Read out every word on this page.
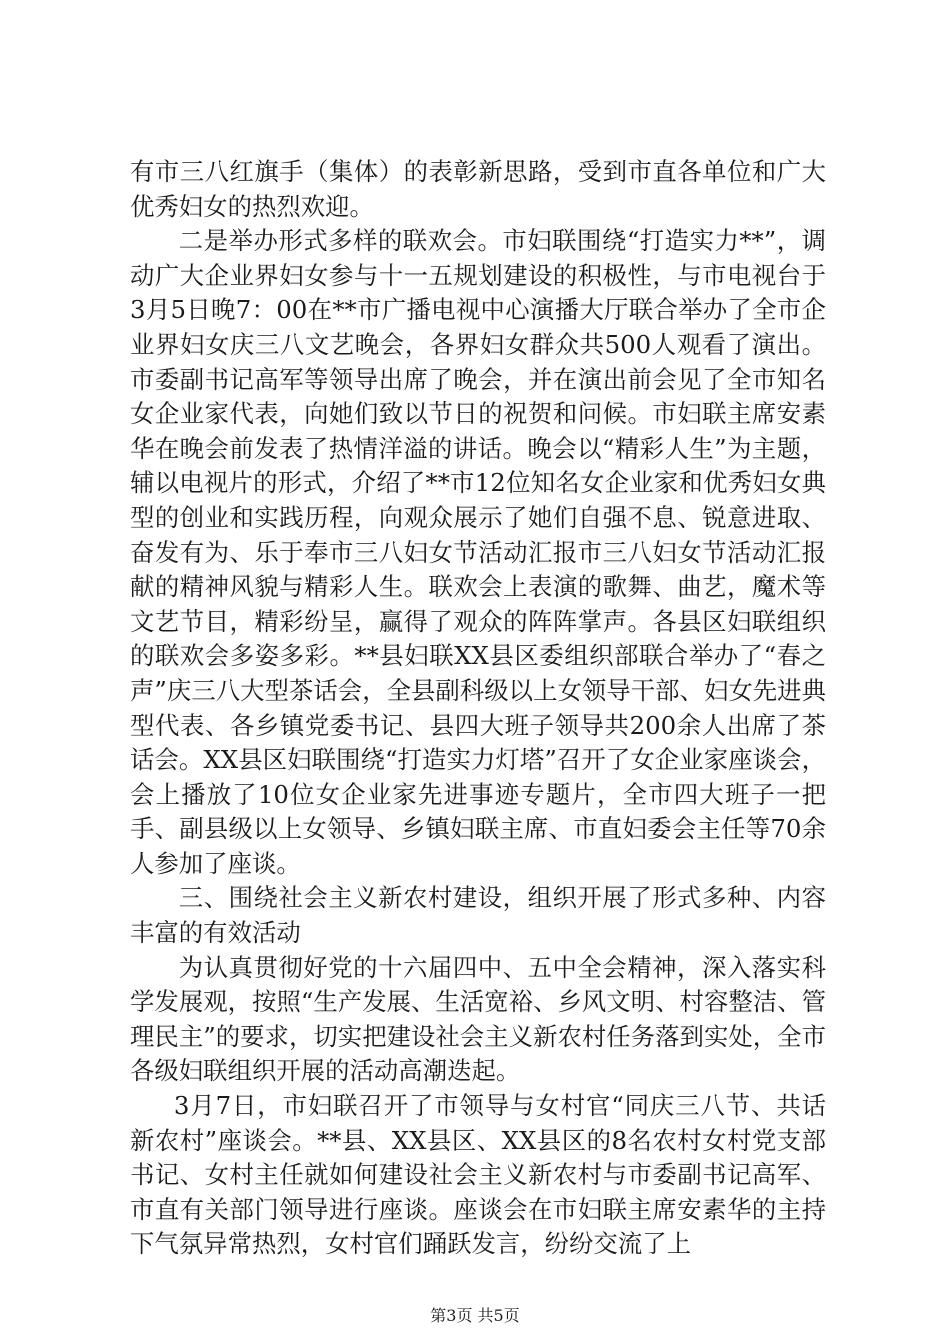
有市三八红旗手（集体）的表彰新思路，受到市直各单位和广大优秀妇女的热烈欢迎。

二是举办形式多样的联欢会。市妇联围绕“打造实力**”，调动广大企业界妇女参与十一五规划建设的积极性，与市电视台于3月5日晚7：00在**市广播电视中心演播大厅联合举办了全市企业界妇女庆三八文艺晚会，各界妇女群众共500人观看了演出。市委副书记高军等领导出席了晚会，并在演出前会见了全市知名女企业家代表，向她们致以节日的祝贺和问候。市妇联主席安素华在晚会前发表了热情洋溢的讲话。晚会以“精彩人生”为主题，辅以电视片的形式，介绍了**市12位知名女企业家和优秀妇女典型的创业和实践历程，向观众展示了她们自强不息、锐意进取、奋发有为、乐于奉市三八妇女节活动汇报市三八妇女节活动汇报献的精神风貌与精彩人生。联欢会上表演的歌舞、曲艺，魔术等文艺节目，精彩纷呈，赢得了观众的阵阵掌声。各县区妇联组织的联欢会多姿多彩。**县妇联XX县区委组织部联合举办了“春之声”庆三八大型茶话会，全县副科级以上女领导干部、妇女先进典型代表、各乡镇党委书记、县四大班子领导共200余人出席了茶话会。XX县区妇联围绕“打造实力灯塔”召开了女企业家座谈会，会上播放了10位女企业家先进事迹专题片，全市四大班子一把手、副县级以上女领导、乡镇妇联主席、市直妇委会主任等70余人参加了座谈。

三、围绕社会主义新农村建设，组织开展了形式多种、内容丰富的有效活动

为认真贯彻好党的十六届四中、五中全会精神，深入落实科学发展观，按照“生产发展、生活宽裕、乡风文明、村容整洁、管理民主”的要求，切实把建设社会主义新农村任务落到实处，全市各级妇联组织开展的活动高潮迭起。

3月7日，市妇联召开了市领导与女村官“同庆三八节、共话新农村”座谈会。**县、XX县区、XX县区的8名农村女村党支部书记、女村主任就如何建设社会主义新农村与市委副书记高军、市直有关部门领导进行座谈。座谈会在市妇联主席安素华的主持下气氛异常热烈，女村官们踊跃发言，纷纷交流了上

第3页 共5页
